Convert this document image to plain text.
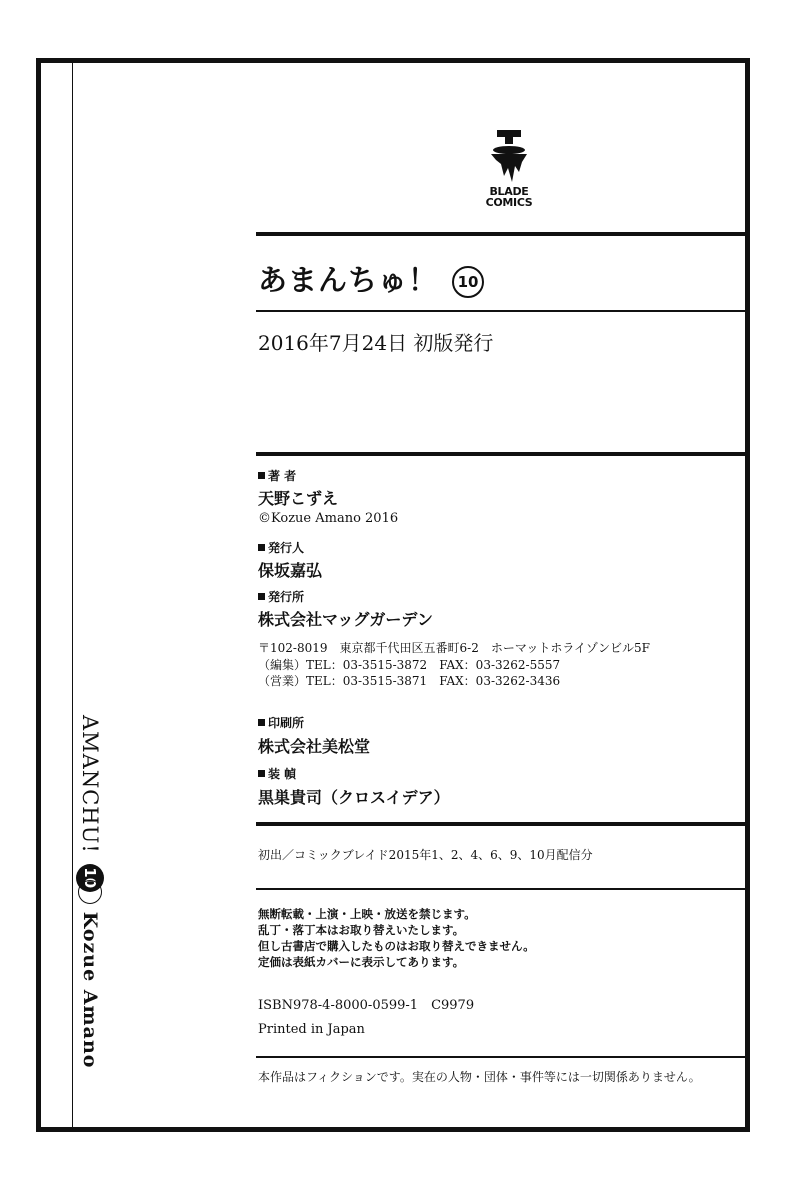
AMANCHU!
10
Kozue Amano
BLADE
COMICS
あまんちゅ！ 10
2016年7月24日 初版発行
著 者
天野こずえ
©Kozue Amano 2016
発行人
保坂嘉弘
発行所
株式会社マッグガーデン
〒102-8019　東京都千代田区五番町6-2　ホーマットホライゾンビル5F
（編集）TEL：03-3515-3872　FAX：03-3262-5557
（営業）TEL：03-3515-3871　FAX：03-3262-3436
印刷所
株式会社美松堂
装 幀
黒巣貴司（クロスイデア）
初出／コミックブレイド2015年1、2、4、6、9、10月配信分
無断転載・上演・上映・放送を禁じます。
乱丁・落丁本はお取り替えいたします。
但し古書店で購入したものはお取り替えできません。
定価は表紙カバーに表示してあります。
ISBN978-4-8000-0599-1　C9979
Printed in Japan
本作品はフィクションです。実在の人物・団体・事件等には一切関係ありません。
